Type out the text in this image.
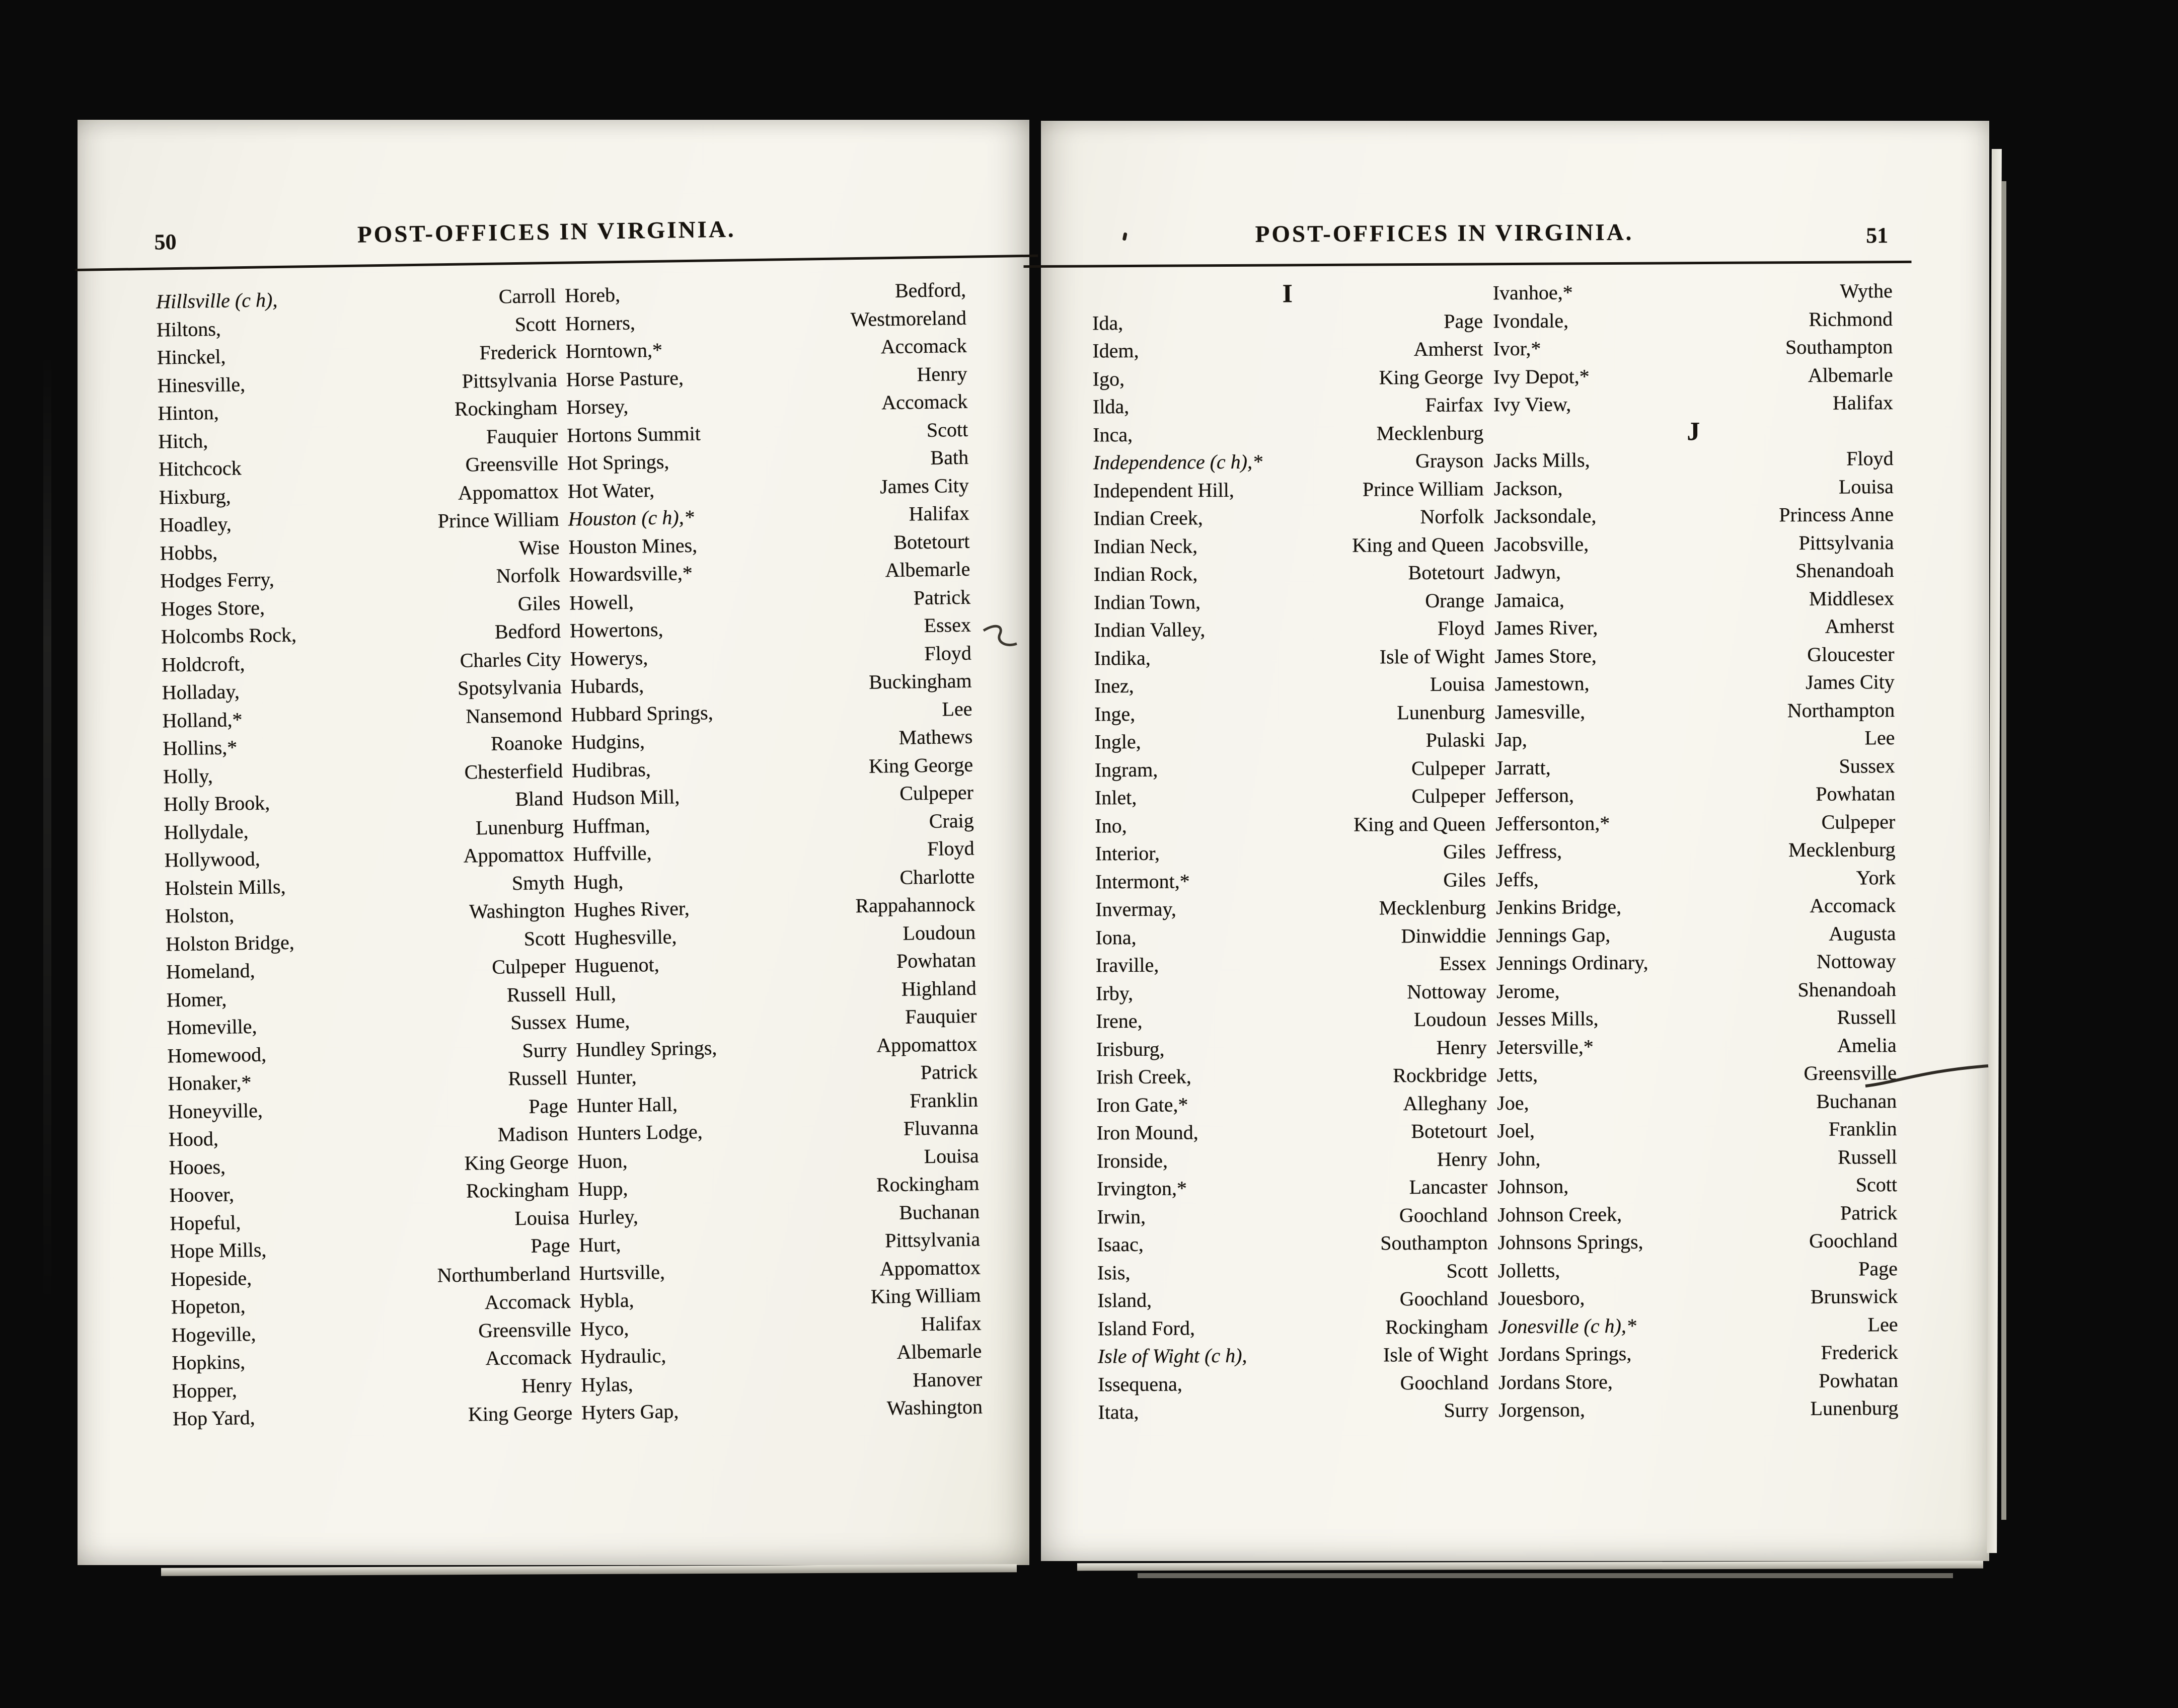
50	POST-OFFICES IN VIRGINIA.
Hillsville (c h),	Carroll
Hiltons,	Scott
Hinckel,	Frederick
Hinesville,	Pittsylvania
Hinton,	Rockingham
Hitch,	Fauquier
Hitchcock	Greensville
Hixburg,	Appomattox
Hoadley,	Prince William
Hobbs,	Wise
Hodges Ferry,	Norfolk
Hoges Store,	Giles
Holcombs Rock,	Bedford
Holdcroft,	Charles City
Holladay,	Spotsylvania
Holland,*	Nansemond
Hollins,*	Roanoke
Holly,	Chesterfield
Holly Brook,	Bland
Hollydale,	Lunenburg
Hollywood,	Appomattox
Holstein Mills,	Smyth
Holston,	Washington
Holston Bridge,	Scott
Homeland,	Culpeper
Homer,	Russell
Homeville,	Sussex
Homewood,	Surry
Honaker,*	Russell
Honeyville,	Page
Hood,	Madison
Hooes,	King George
Hoover,	Rockingham
Hopeful,	Louisa
Hope Mills,	Page
Hopeside,	Northumberland
Hopeton,	Accomack
Hogeville,	Greensville
Hopkins,	Accomack
Hopper,	Henry
Hop Yard,	King George
Horeb,	Bedford,
Horners,	Westmoreland
Horntown,*	Accomack
Horse Pasture,	Henry
Horsey,	Accomack
Hortons Summit	Scott
Hot Springs,	Bath
Hot Water,	James City
Houston (c h),*	Halifax
Houston Mines,	Botetourt
Howardsville,*	Albemarle
Howell,	Patrick
Howertons,	Essex
Howerys,	Floyd
Hubards,	Buckingham
Hubbard Springs,	Lee
Hudgins,	Mathews
Hudibras,	King George
Hudson Mill,	Culpeper
Huffman,	Craig
Huffville,	Floyd
Hugh,	Charlotte
Hughes River,	Rappahannock
Hughesville,	Loudoun
Huguenot,	Powhatan
Hull,	Highland
Hume,	Fauquier
Hundley Springs,	Appomattox
Hunter,	Patrick
Hunter Hall,	Franklin
Hunters Lodge,	Fluvanna
Huon,	Louisa
Hupp,	Rockingham
Hurley,	Buchanan
Hurt,	Pittsylvania
Hurtsville,	Appomattox
Hybla,	King William
Hyco,	Halifax
Hydraulic,	Albemarle
Hylas,	Hanover
Hyters Gap,	Washington
POST-OFFICES IN VIRGINIA.	51
I
Ida,	Page
Idem,	Amherst
Igo,	King George
Ilda,	Fairfax
Inca,	Mecklenburg
Independence (c h),*	Grayson
Independent Hill,	Prince William
Indian Creek,	Norfolk
Indian Neck,	King and Queen
Indian Rock,	Botetourt
Indian Town,	Orange
Indian Valley,	Floyd
Indika,	Isle of Wight
Inez,	Louisa
Inge,	Lunenburg
Ingle,	Pulaski
Ingram,	Culpeper
Inlet,	Culpeper
Ino,	King and Queen
Interior,	Giles
Intermont,*	Giles
Invermay,	Mecklenburg
Iona,	Dinwiddie
Iraville,	Essex
Irby,	Nottoway
Irene,	Loudoun
Irisburg,	Henry
Irish Creek,	Rockbridge
Iron Gate,*	Alleghany
Iron Mound,	Botetourt
Ironside,	Henry
Irvington,*	Lancaster
Irwin,	Goochland
Isaac,	Southampton
Isis,	Scott
Island,	Goochland
Island Ford,	Rockingham
Isle of Wight (c h),	Isle of Wight
Issequena,	Goochland
Itata,	Surry
Ivanhoe,*	Wythe
Ivondale,	Richmond
Ivor,*	Southampton
Ivy Depot,*	Albemarle
Ivy View,	Halifax
J
Jacks Mills,	Floyd
Jackson,	Louisa
Jacksondale,	Princess Anne
Jacobsville,	Pittsylvania
Jadwyn,	Shenandoah
Jamaica,	Middlesex
James River,	Amherst
James Store,	Gloucester
Jamestown,	James City
Jamesville,	Northampton
Jap,	Lee
Jarratt,	Sussex
Jefferson,	Powhatan
Jeffersonton,*	Culpeper
Jeffress,	Mecklenburg
Jeffs,	York
Jenkins Bridge,	Accomack
Jennings Gap,	Augusta
Jennings Ordinary,	Nottoway
Jerome,	Shenandoah
Jesses Mills,	Russell
Jetersville,*	Amelia
Jetts,	Greensville
Joe,	Buchanan
Joel,	Franklin
John,	Russell
Johnson,	Scott
Johnson Creek,	Patrick
Johnsons Springs,	Goochland
Jolletts,	Page
Jouesboro,	Brunswick
Jonesville (c h),*	Lee
Jordans Springs,	Frederick
Jordans Store,	Powhatan
Jorgenson,	Lunenburg
